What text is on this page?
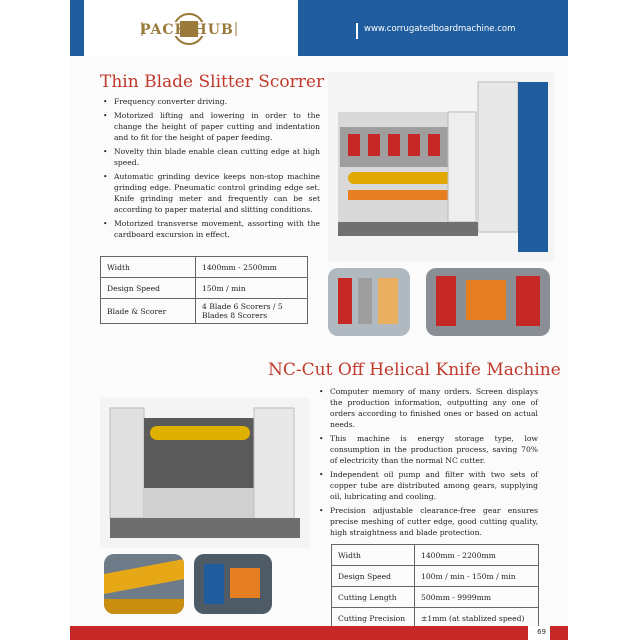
PACK HUB	www.corrugatedboardmachine.com
Thin Blade Slitter Scorrer
• Frequency converter driving.
• Motorized lifting and lowering in order to the change the height of paper cutting and indentation and to fit for the height of paper feeding.
• Novelty thin blade enable clean cutting edge at high speed.
• Automatic grinding device keeps non-stop machine grinding edge. Pneumatic control grinding edge set. Knife grinding meter and frequently can be set according to paper material and slitting conditions.
• Motorized transverse movement, assorting with the cardboard excursion in effect.
Width	1400mm - 2500mm
Design Speed	150m / min
Blade & Scorer	4 Blade 6 Scorers / 5 Blades 8 Scorers
NC-Cut Off Helical Knife Machine
• Computer memory of many orders. Screen displays the production information, outputting any one of orders according to finished ones or based on actual needs.
• This machine is energy storage type, low consumption in the production process, saving 70% of electricity than the normal NC cutter.
• Independent oil pump and filter with two sets of copper tube are distributed among gears, supplying oil, lubricating and cooling.
• Precision adjustable clearance-free gear ensures precise meshing of cutter edge, good cutting quality, high straightness and blade protection.
Width	1400mm - 2200mm
Design Speed	100m / min - 150m / min
Cutting Length	500mm - 9999mm
Cutting Precision	±1mm (at stablized speed)
69
